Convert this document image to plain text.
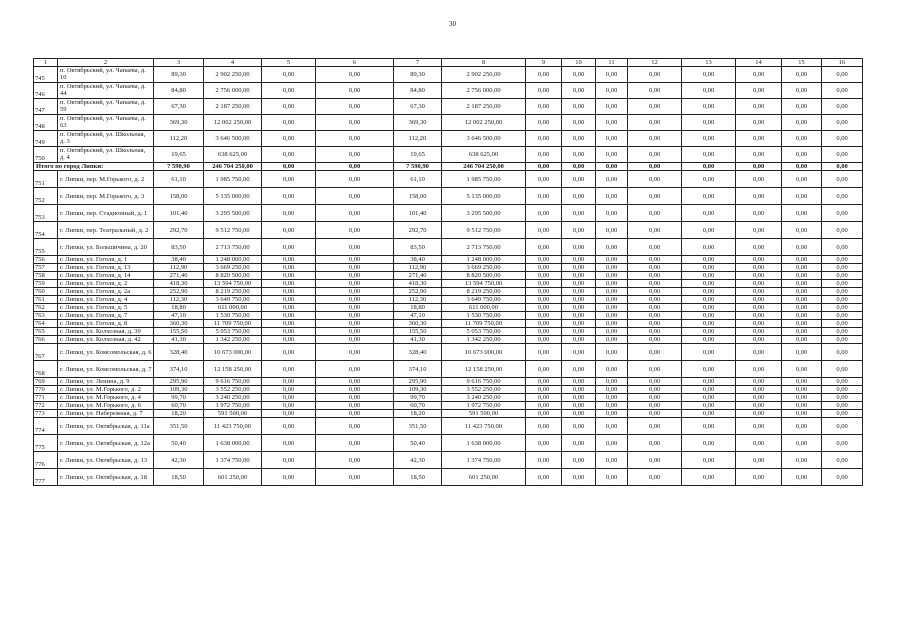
30
1	2	3	4	5	6	7	8	9	10	11	12	13	14	15	16
745	п. Октябрьский, ул. Чапаева, д. 10	89,30	2 902 250,00	0,00	0,00	89,30	2 902 250,00	0,00	0,00	0,00	0,00	0,00	0,00	0,00	0,00
746	п. Октябрьский, ул. Чапаева, д. 44	84,80	2 756 000,00	0,00	0,00	84,80	2 756 000,00	0,00	0,00	0,00	0,00	0,00	0,00	0,00	0,00
747	п. Октябрьский, ул. Чапаева, д. 59	67,30	2 187 250,00	0,00	0,00	67,30	2 187 250,00	0,00	0,00	0,00	0,00	0,00	0,00	0,00	0,00
748	п. Октябрьский, ул. Чапаева, д. 63	369,30	12 002 250,00	0,00	0,00	369,30	12 002 250,00	0,00	0,00	0,00	0,00	0,00	0,00	0,00	0,00
749	п. Октябрьский, ул. Школьная, д. 3	112,20	3 646 500,00	0,00	0,00	112,20	3 646 500,00	0,00	0,00	0,00	0,00	0,00	0,00	0,00	0,00
750	п. Октябрьский, ул. Школьная, д. 4	19,65	638 625,00	0,00	0,00	19,65	638 625,00	0,00	0,00	0,00	0,00	0,00	0,00	0,00	0,00
Итого по город Липки:		7 590,90	246 704 250,00	0,00	0,00	7 590,90	246 704 250,00	0,00	0,00	0,00	0,00	0,00	0,00	0,00	0,00
751	г. Липки, пер. М.Горького, д. 2	61,10	1 985 750,00	0,00	0,00	61,10	1 985 750,00	0,00	0,00	0,00	0,00	0,00	0,00	0,00	0,00
752	г. Липки, пер. М.Горького, д. 3	158,00	5 135 000,00	0,00	0,00	158,00	5 135 000,00	0,00	0,00	0,00	0,00	0,00	0,00	0,00	0,00
753	г. Липки, пер. Стадионный, д. 1	101,40	3 295 500,00	0,00	0,00	101,40	3 295 500,00	0,00	0,00	0,00	0,00	0,00	0,00	0,00	0,00
754	г. Липки, пер. Театральный, д. 2	292,70	9 512 750,00	0,00	0,00	292,70	9 512 750,00	0,00	0,00	0,00	0,00	0,00	0,00	0,00	0,00
755	г. Липки, ул. Большичина, д. 20	83,50	2 713 750,00	0,00	0,00	83,50	2 713 750,00	0,00	0,00	0,00	0,00	0,00	0,00	0,00	0,00
756	г. Липки, ул. Гоголя, д. 1	38,40	1 248 000,00	0,00	0,00	38,40	1 248 000,00	0,00	0,00	0,00	0,00	0,00	0,00	0,00	0,00
757	г. Липки, ул. Гоголя, д. 13	112,90	3 669 250,00	0,00	0,00	112,90	3 669 250,00	0,00	0,00	0,00	0,00	0,00	0,00	0,00	0,00
758	г. Липки, ул. Гоголя, д. 14	271,40	8 820 500,00	0,00	0,00	271,40	8 820 500,00	0,00	0,00	0,00	0,00	0,00	0,00	0,00	0,00
759	г. Липки, ул. Гоголя, д. 2	418,30	13 594 750,00	0,00	0,00	418,30	13 594 750,00	0,00	0,00	0,00	0,00	0,00	0,00	0,00	0,00
760	г. Липки, ул. Гоголя, д. 2а	252,90	8 219 250,00	0,00	0,00	252,90	8 219 250,00	0,00	0,00	0,00	0,00	0,00	0,00	0,00	0,00
761	г. Липки, ул. Гоголя, д. 4	112,30	3 649 750,00	0,00	0,00	112,30	3 649 750,00	0,00	0,00	0,00	0,00	0,00	0,00	0,00	0,00
762	г. Липки, ул. Гоголя, д. 5	18,80	611 000,00	0,00	0,00	18,80	611 000,00	0,00	0,00	0,00	0,00	0,00	0,00	0,00	0,00
763	г. Липки, ул. Гоголя, д. 7	47,10	1 530 750,00	0,00	0,00	47,10	1 530 750,00	0,00	0,00	0,00	0,00	0,00	0,00	0,00	0,00
764	г. Липки, ул. Гоголя, д. 8	360,30	11 709 750,00	0,00	0,00	360,30	11 709 750,00	0,00	0,00	0,00	0,00	0,00	0,00	0,00	0,00
765	г. Липки, ул. Колхозная, д. 39	155,50	5 053 750,00	0,00	0,00	155,50	5 053 750,00	0,00	0,00	0,00	0,00	0,00	0,00	0,00	0,00
766	г. Липки, ул. Колхозная, д. 42	41,30	1 342 250,00	0,00	0,00	41,30	1 342 250,00	0,00	0,00	0,00	0,00	0,00	0,00	0,00	0,00
767	г. Липки, ул. Комсомольская, д. 6	328,40	10 673 000,00	0,00	0,00	328,40	10 673 000,00	0,00	0,00	0,00	0,00	0,00	0,00	0,00	0,00
768	г. Липки, ул. Комсомольская, д. 7	374,10	12 158 250,00	0,00	0,00	374,10	12 158 250,00	0,00	0,00	0,00	0,00	0,00	0,00	0,00	0,00
769	г. Липки, ул. Ленина, д. 9	295,90	9 616 750,00	0,00	0,00	295,90	9 616 750,00	0,00	0,00	0,00	0,00	0,00	0,00	0,00	0,00
770	г. Липки, ул. М.Горького, д. 2	109,30	3 552 250,00	0,00	0,00	109,30	3 552 250,00	0,00	0,00	0,00	0,00	0,00	0,00	0,00	0,00
771	г. Липки, ул. М.Горького, д. 4	99,70	3 240 250,00	0,00	0,00	99,70	3 240 250,00	0,00	0,00	0,00	0,00	0,00	0,00	0,00	0,00
772	г. Липки, ул. М.Горького, д. 6	60,70	1 972 750,00	0,00	0,00	60,70	1 972 750,00	0,00	0,00	0,00	0,00	0,00	0,00	0,00	0,00
773	г. Липки, ул. Набережная, д. 7	18,20	591 500,00	0,00	0,00	18,20	591 500,00	0,00	0,00	0,00	0,00	0,00	0,00	0,00	0,00
774	г. Липки, ул. Октябрьская, д. 11а	351,50	11 423 750,00	0,00	0,00	351,50	11 423 750,00	0,00	0,00	0,00	0,00	0,00	0,00	0,00	0,00
775	г. Липки, ул. Октябрьская, д. 12а	50,40	1 638 000,00	0,00	0,00	50,40	1 638 000,00	0,00	0,00	0,00	0,00	0,00	0,00	0,00	0,00
776	г. Липки, ул. Октябрьская, д. 13	42,30	1 374 750,00	0,00	0,00	42,30	1 374 750,00	0,00	0,00	0,00	0,00	0,00	0,00	0,00	0,00
777	г. Липки, ул. Октябрьская, д. 18	18,50	601 250,00	0,00	0,00	18,50	601 250,00	0,00	0,00	0,00	0,00	0,00	0,00	0,00	0,00
